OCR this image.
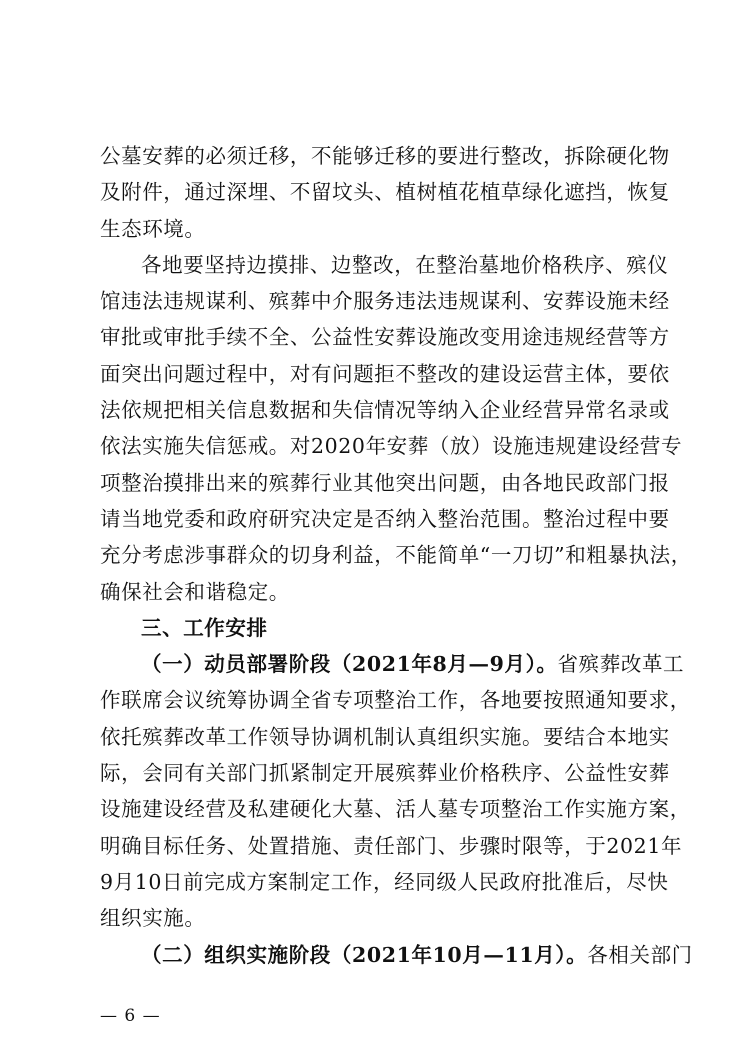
公墓安葬的必须迁移，不能够迁移的要进行整改，拆除硬化物
及附件，通过深埋、不留坟头、植树植花植草绿化遮挡，恢复
生态环境。
各地要坚持边摸排、边整改，在整治墓地价格秩序、殡仪
馆违法违规谋利、殡葬中介服务违法违规谋利、安葬设施未经
审批或审批手续不全、公益性安葬设施改变用途违规经营等方
面突出问题过程中，对有问题拒不整改的建设运营主体，要依
法依规把相关信息数据和失信情况等纳入企业经营异常名录或
依法实施失信惩戒。对2020年安葬（放）设施违规建设经营专
项整治摸排出来的殡葬行业其他突出问题，由各地民政部门报
请当地党委和政府研究决定是否纳入整治范围。整治过程中要
充分考虑涉事群众的切身利益，不能简单“一刀切”和粗暴执法，
确保社会和谐稳定。
三、工作安排
（一）动员部署阶段（2021年8月—9月）。省殡葬改革工
作联席会议统筹协调全省专项整治工作，各地要按照通知要求，
依托殡葬改革工作领导协调机制认真组织实施。要结合本地实
际，会同有关部门抓紧制定开展殡葬业价格秩序、公益性安葬
设施建设经营及私建硬化大墓、活人墓专项整治工作实施方案，
明确目标任务、处置措施、责任部门、步骤时限等，于2021年
9月10日前完成方案制定工作，经同级人民政府批准后，尽快
组织实施。
（二）组织实施阶段（2021年10月—11月）。各相关部门
— 6 —
